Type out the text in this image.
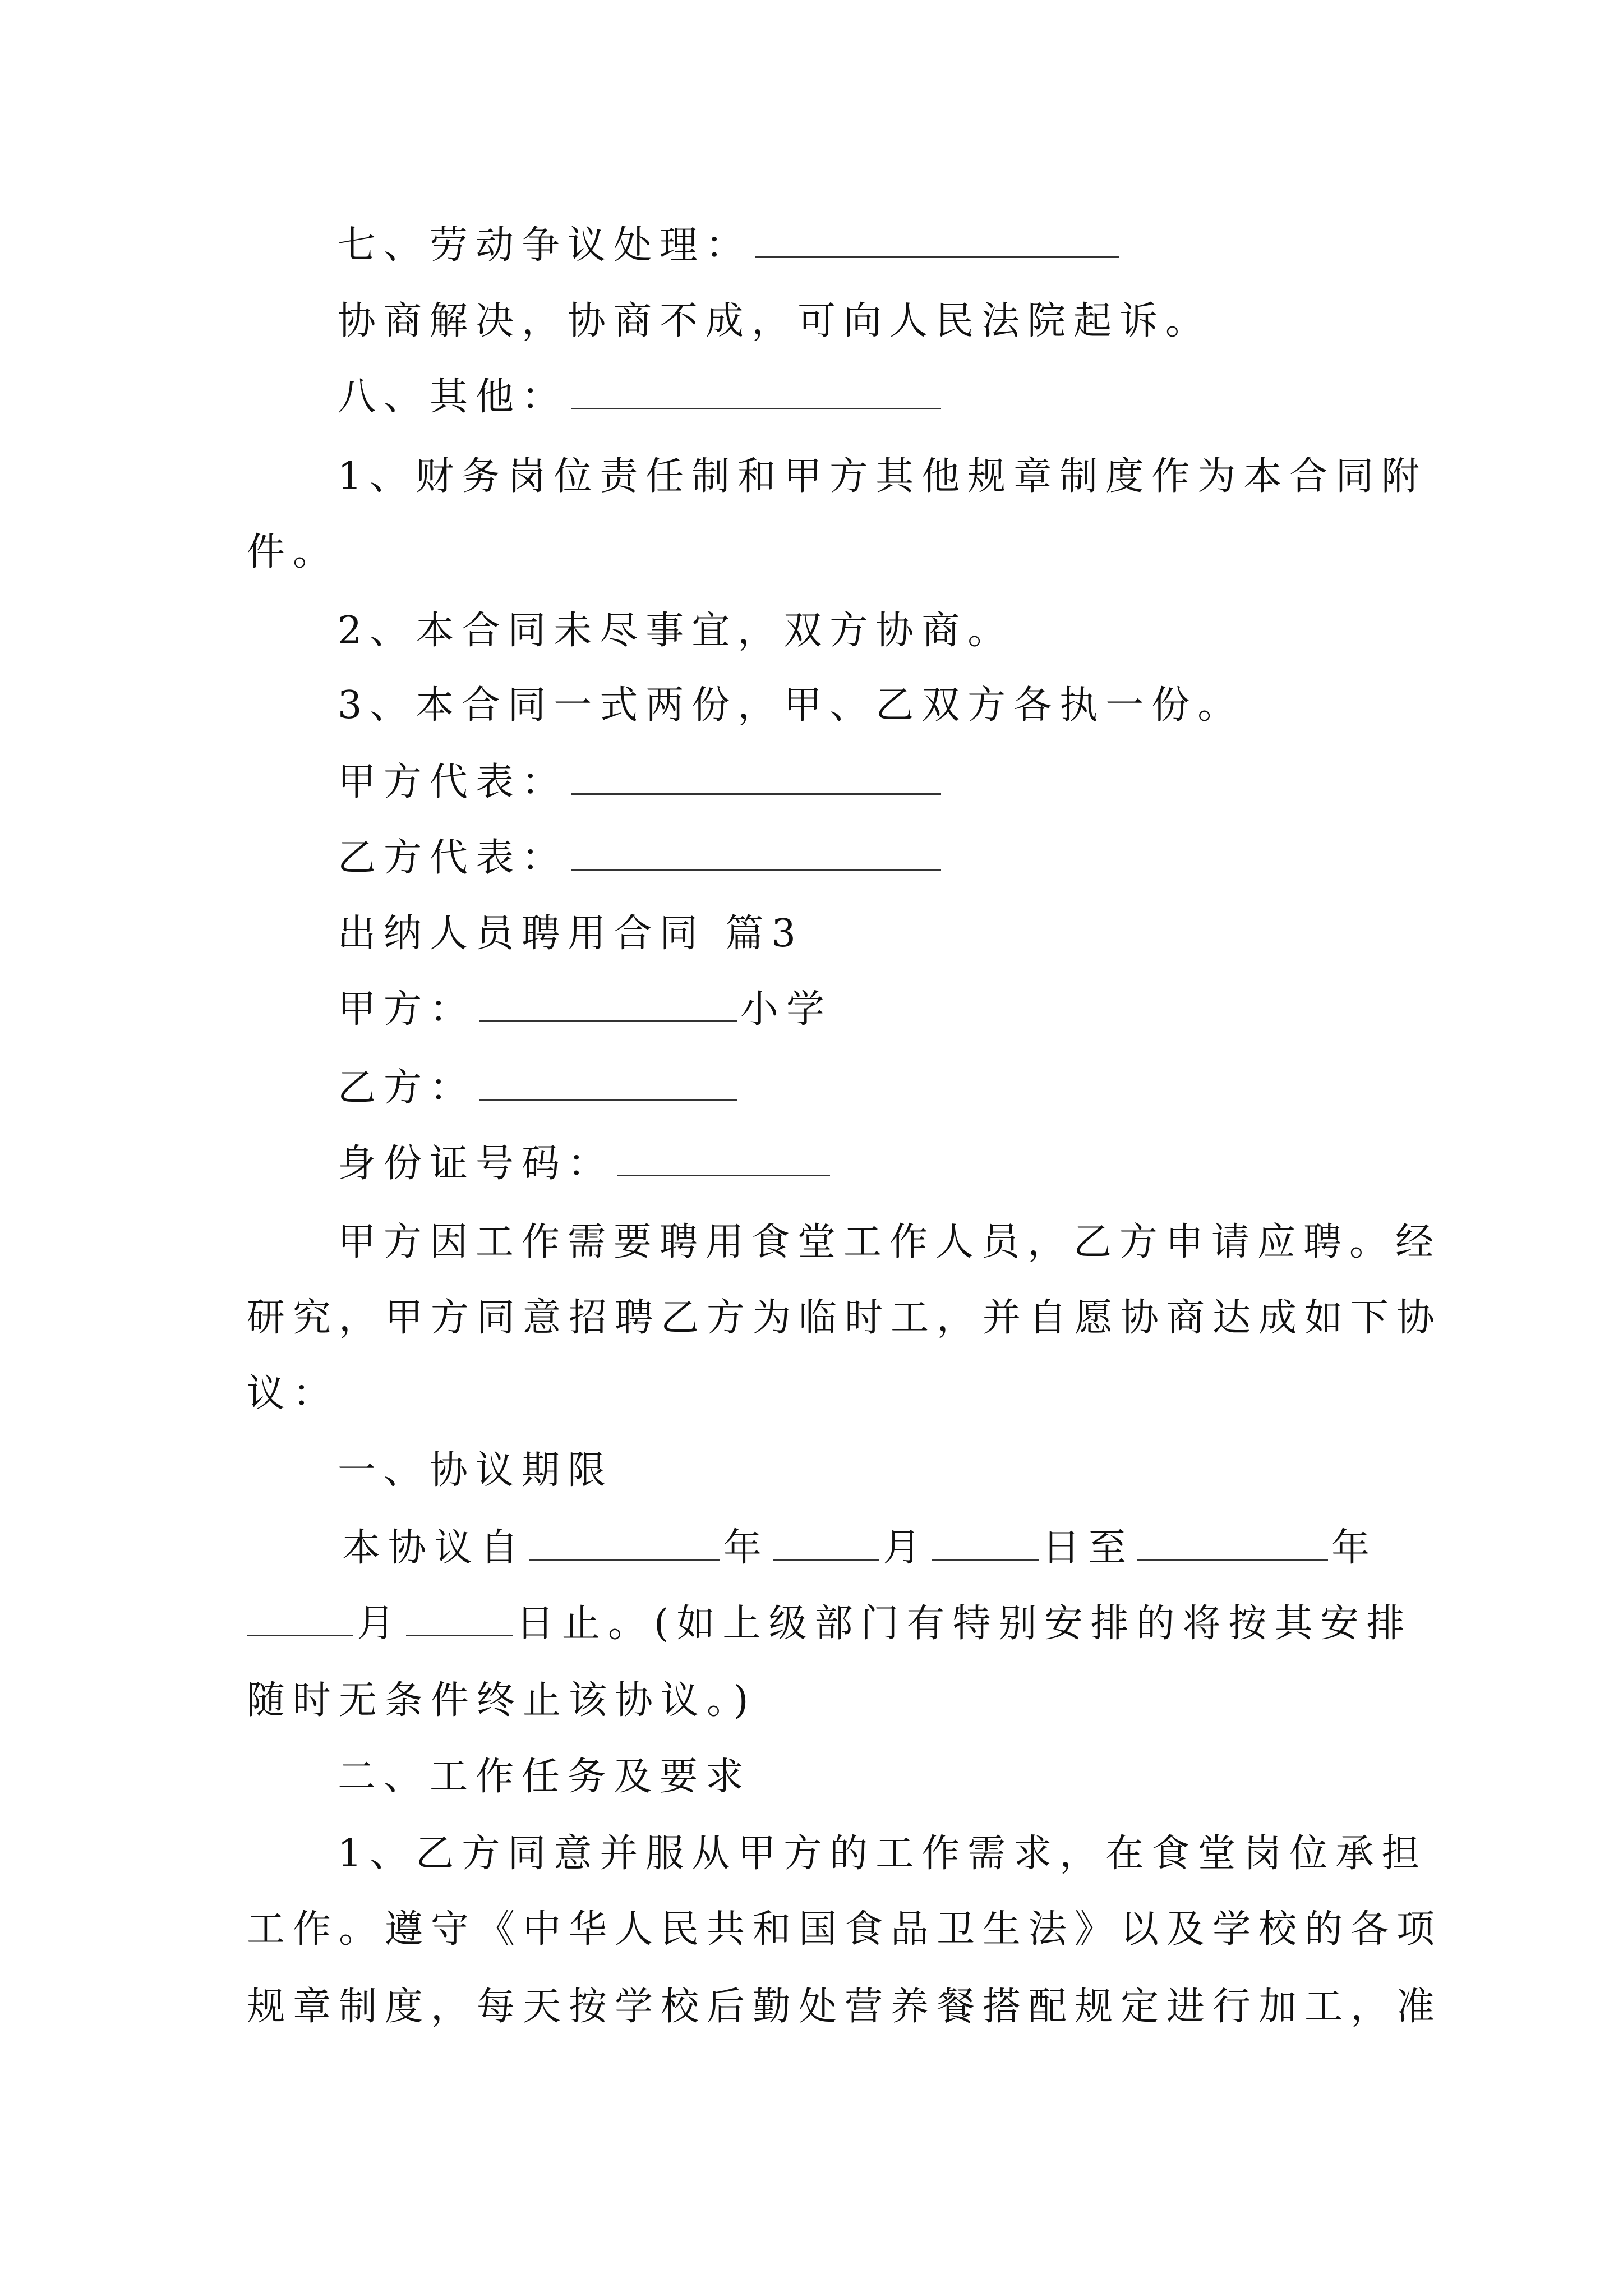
七、劳动争议处理：
协商解决，协商不成，可向人民法院起诉。
八、其他：
1、财务岗位责任制和甲方其他规章制度作为本合同附
件。
2、本合同未尽事宜，双方协商。
3、本合同一式两份，甲、乙双方各执一份。
甲方代表：
乙方代表：
出纳人员聘用合同 篇3
甲方：	小学
乙方：
身份证号码：
甲方因工作需要聘用食堂工作人员，乙方申请应聘。经
研究，甲方同意招聘乙方为临时工，并自愿协商达成如下协
议：
一、协议期限
本协议自	年	月	日至	年
月	日止。(如上级部门有特别安排的将按其安排
随时无条件终止该协议。)
二、工作任务及要求
1、乙方同意并服从甲方的工作需求，在食堂岗位承担
工作。遵守《中华人民共和国食品卫生法》以及学校的各项
规章制度，每天按学校后勤处营养餐搭配规定进行加工，准
